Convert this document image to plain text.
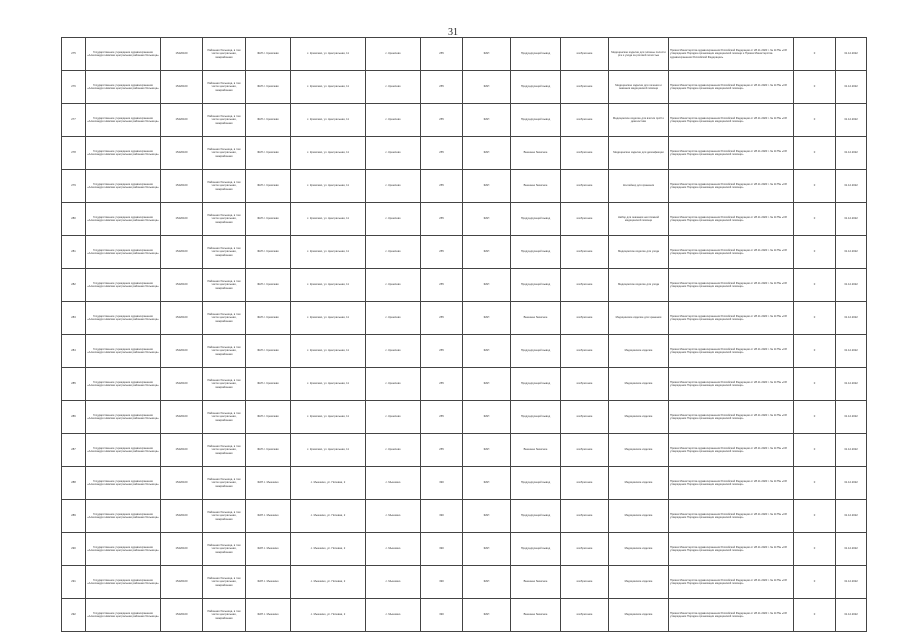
31
275	Государственное учреждение здравоохранения «Александро-Невская центральная районная больница»	15420100	Районная больница, в том числе центральная, межрайонная	ФАП с. Кремлево	с. Кремлево, ул. Центральная, 11	с. Кремлево	255	ФАП	Продуцирующий вывод	изобретение	Медицинское изделие для гигиены полости рта и ухода за ротовой полостью	Приказ Министерства здравоохранения Российской Федерации от 28.11.2020 г. № 1175н «Об утверждении Порядка организации медицинской помощи и Приказ Министерства здравоохранения Российской Федерации»	0	31.12.2022
276	Государственное учреждение здравоохранения «Александро-Невская центральная районная больница»	15420100	Районная больница, в том числе центральная, межрайонная	ФАП с. Кремлево	с. Кремлево, ул. Центральная, 11	с. Кремлево	255	ФАП	Продуцирующий вывод	изобретение	Медицинское изделие для лечения и оказания медицинской помощи	Приказ Министерства здравоохранения Российской Федерации от 28.11.2020 г. № 1175н «Об утверждении Порядка организации медицинской помощи»	0	31.12.2022
277	Государственное учреждение здравоохранения «Александро-Невская центральная районная больница»	15420100	Районная больница, в том числе центральная, межрайонная	ФАП с. Кремлево	с. Кремлево, ул. Центральная, 11	с. Кремлево	255	ФАП	Продуцирующий вывод	изобретение	Медицинское изделие для взятия проб и диагностики	Приказ Министерства здравоохранения Российской Федерации от 28.11.2020 г. № 1175н «Об утверждении Порядка организации медицинской помощи»	0	31.12.2022
278	Государственное учреждение здравоохранения «Александро-Невская центральная районная больница»	15420100	Районная больница, в том числе центральная, межрайонная	ФАП с. Кремлево	с. Кремлево, ул. Центральная, 11	с. Кремлево	255	ФАП	Внешнее базисное	изобретение	Медицинское изделие для дезинфекции	Приказ Министерства здравоохранения Российской Федерации от 28.11.2020 г. № 1175н «Об утверждении Порядка организации медицинской помощи»	0	31.12.2022
279	Государственное учреждение здравоохранения «Александро-Невская центральная районная больница»	15420100	Районная больница, в том числе центральная, межрайонная	ФАП с. Кремлево	с. Кремлево, ул. Центральная, 11	с. Кремлево	255	ФАП	Внешнее базисное	изобретение	Контейнер для хранения	Приказ Министерства здравоохранения Российской Федерации от 28.11.2020 г. № 1175н «Об утверждении Порядка организации медицинской помощи»	0	31.12.2022
280	Государственное учреждение здравоохранения «Александро-Невская центральная районная больница»	15420100	Районная больница, в том числе центральная, межрайонная	ФАП с. Кремлево	с. Кремлево, ул. Центральная, 11	с. Кремлево	255	ФАП	Продуцирующий вывод	изобретение	Набор для оказания неотложной медицинской помощи	Приказ Министерства здравоохранения Российской Федерации от 28.11.2020 г. № 1175н «Об утверждении Порядка организации медицинской помощи»	0	31.12.2022
281	Государственное учреждение здравоохранения «Александро-Невская центральная районная больница»	15420100	Районная больница, в том числе центральная, межрайонная	ФАП с. Кремлево	с. Кремлево, ул. Центральная, 11	с. Кремлево	255	ФАП	Продуцирующий вывод	изобретение	Медицинское изделие для ухода	Приказ Министерства здравоохранения Российской Федерации от 28.11.2020 г. № 1175н «Об утверждении Порядка организации медицинской помощи»	0	31.12.2022
282	Государственное учреждение здравоохранения «Александро-Невская центральная районная больница»	15420100	Районная больница, в том числе центральная, межрайонная	ФАП с. Кремлево	с. Кремлево, ул. Центральная, 11	с. Кремлево	255	ФАП	Продуцирующий вывод	изобретение	Медицинское изделие для ухода	Приказ Министерства здравоохранения Российской Федерации от 28.11.2020 г. № 1175н «Об утверждении Порядка организации медицинской помощи»	0	31.12.2022
283	Государственное учреждение здравоохранения «Александро-Невская центральная районная больница»	15420100	Районная больница, в том числе центральная, межрайонная	ФАП с. Кремлево	с. Кремлево, ул. Центральная, 11	с. Кремлево	255	ФАП	Внешнее базисное	изобретение	Медицинское изделие для хранения	Приказ Министерства здравоохранения Российской Федерации от 28.11.2020 г. № 1175н «Об утверждении Порядка организации медицинской помощи»	0	31.12.2022
284	Государственное учреждение здравоохранения «Александро-Невская центральная районная больница»	15420100	Районная больница, в том числе центральная, межрайонная	ФАП с. Кремлево	с. Кремлево, ул. Центральная, 11	с. Кремлево	255	ФАП	Продуцирующий вывод	изобретение	Медицинское изделие	Приказ Министерства здравоохранения Российской Федерации от 28.11.2020 г. № 1175н «Об утверждении Порядка организации медицинской помощи»	0	31.12.2022
285	Государственное учреждение здравоохранения «Александро-Невская центральная районная больница»	15420100	Районная больница, в том числе центральная, межрайонная	ФАП с. Кремлево	с. Кремлево, ул. Центральная, 11	с. Кремлево	255	ФАП	Продуцирующий вывод	изобретение	Медицинское изделие	Приказ Министерства здравоохранения Российской Федерации от 28.11.2020 г. № 1175н «Об утверждении Порядка организации медицинской помощи»	0	31.12.2022
286	Государственное учреждение здравоохранения «Александро-Невская центральная районная больница»	15420100	Районная больница, в том числе центральная, межрайонная	ФАП с. Кремлево	с. Кремлево, ул. Центральная, 11	с. Кремлево	255	ФАП	Продуцирующий вывод	изобретение	Медицинское изделие	Приказ Министерства здравоохранения Российской Федерации от 28.11.2020 г. № 1175н «Об утверждении Порядка организации медицинской помощи»	0	31.12.2022
287	Государственное учреждение здравоохранения «Александро-Невская центральная районная больница»	15420100	Районная больница, в том числе центральная, межрайонная	ФАП с. Кремлево	с. Кремлево, ул. Центральная, 11	с. Кремлево	255	ФАП	Внешнее базисное	изобретение	Медицинское изделие	Приказ Министерства здравоохранения Российской Федерации от 28.11.2020 г. № 1175н «Об утверждении Порядка организации медицинской помощи»	0	31.12.2022
288	Государственное учреждение здравоохранения «Александро-Невская центральная районная больница»	15420100	Районная больница, в том числе центральная, межрайонная	ФАП с. Мышкино	с. Мышкино, ул. Полевая, 2	с. Мышкино	390	ФАП	Продуцирующий вывод	изобретение	Медицинское изделие	Приказ Министерства здравоохранения Российской Федерации от 28.11.2020 г. № 1175н «Об утверждении Порядка организации медицинской помощи»	0	31.12.2022
289	Государственное учреждение здравоохранения «Александро-Невская центральная районная больница»	15420100	Районная больница, в том числе центральная, межрайонная	ФАП с. Мышкино	с. Мышкино, ул. Полевая, 2	с. Мышкино	390	ФАП	Продуцирующий вывод	изобретение	Медицинское изделие	Приказ Министерства здравоохранения Российской Федерации от 28.11.2020 г. № 1175н «Об утверждении Порядка организации медицинской помощи»	0	31.12.2022
290	Государственное учреждение здравоохранения «Александро-Невская центральная районная больница»	15420100	Районная больница, в том числе центральная, межрайонная	ФАП с. Мышкино	с. Мышкино, ул. Полевая, 2	с. Мышкино	390	ФАП	Продуцирующий вывод	изобретение	Медицинское изделие	Приказ Министерства здравоохранения Российской Федерации от 28.11.2020 г. № 1175н «Об утверждении Порядка организации медицинской помощи»	0	31.12.2022
291	Государственное учреждение здравоохранения «Александро-Невская центральная районная больница»	15420100	Районная больница, в том числе центральная, межрайонная	ФАП с. Мышкино	с. Мышкино, ул. Полевая, 2	с. Мышкино	390	ФАП	Внешнее базисное	изобретение	Медицинское изделие	Приказ Министерства здравоохранения Российской Федерации от 28.11.2020 г. № 1175н «Об утверждении Порядка организации медицинской помощи»	0	31.12.2022
292	Государственное учреждение здравоохранения «Александро-Невская центральная районная больница»	15420100	Районная больница, в том числе центральная, межрайонная	ФАП с. Мышкино	с. Мышкино, ул. Полевая, 2	с. Мышкино	390	ФАП	Внешнее базисное	изобретение	Медицинское изделие	Приказ Министерства здравоохранения Российской Федерации от 28.11.2020 г. № 1175н «Об утверждении Порядка организации медицинской помощи»	0	31.12.2022
